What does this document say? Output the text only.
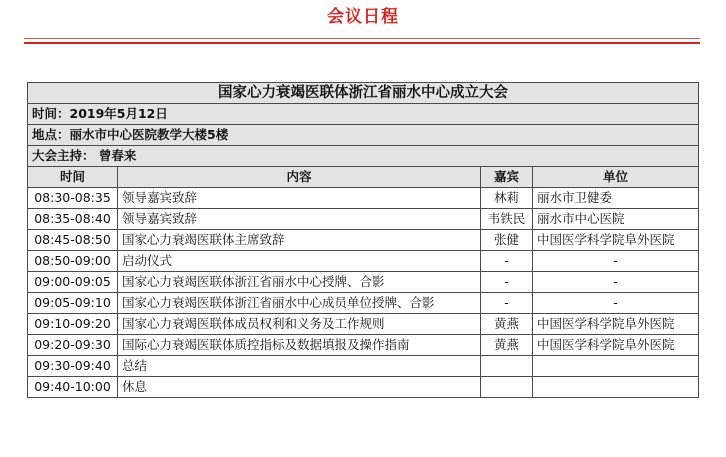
会议日程
国家心力衰竭医联体浙江省丽水中心成立大会			
时间：2019年5月12日			
地点：丽水市中心医院教学大楼5楼			
大会主持： 曾春来			
时间	内容	嘉宾	单位
08:30-08:35	领导嘉宾致辞	林莉	丽水市卫健委
08:35-08:40	领导嘉宾致辞	韦铁民	丽水市中心医院
08:45-08:50	国家心力衰竭医联体主席致辞	张健	中国医学科学院阜外医院
08:50-09:00	启动仪式	-	-
09:00-09:05	国家心力衰竭医联体浙江省丽水中心授牌、合影	-	-
09:05-09:10	国家心力衰竭医联体浙江省丽水中心成员单位授牌、合影	-	-
09:10-09:20	国家心力衰竭医联体成员权利和义务及工作规则	黄燕	中国医学科学院阜外医院
09:20-09:30	国际心力衰竭医联体质控指标及数据填报及操作指南	黄燕	中国医学科学院阜外医院
09:30-09:40	总结		
09:40-10:00	休息		
